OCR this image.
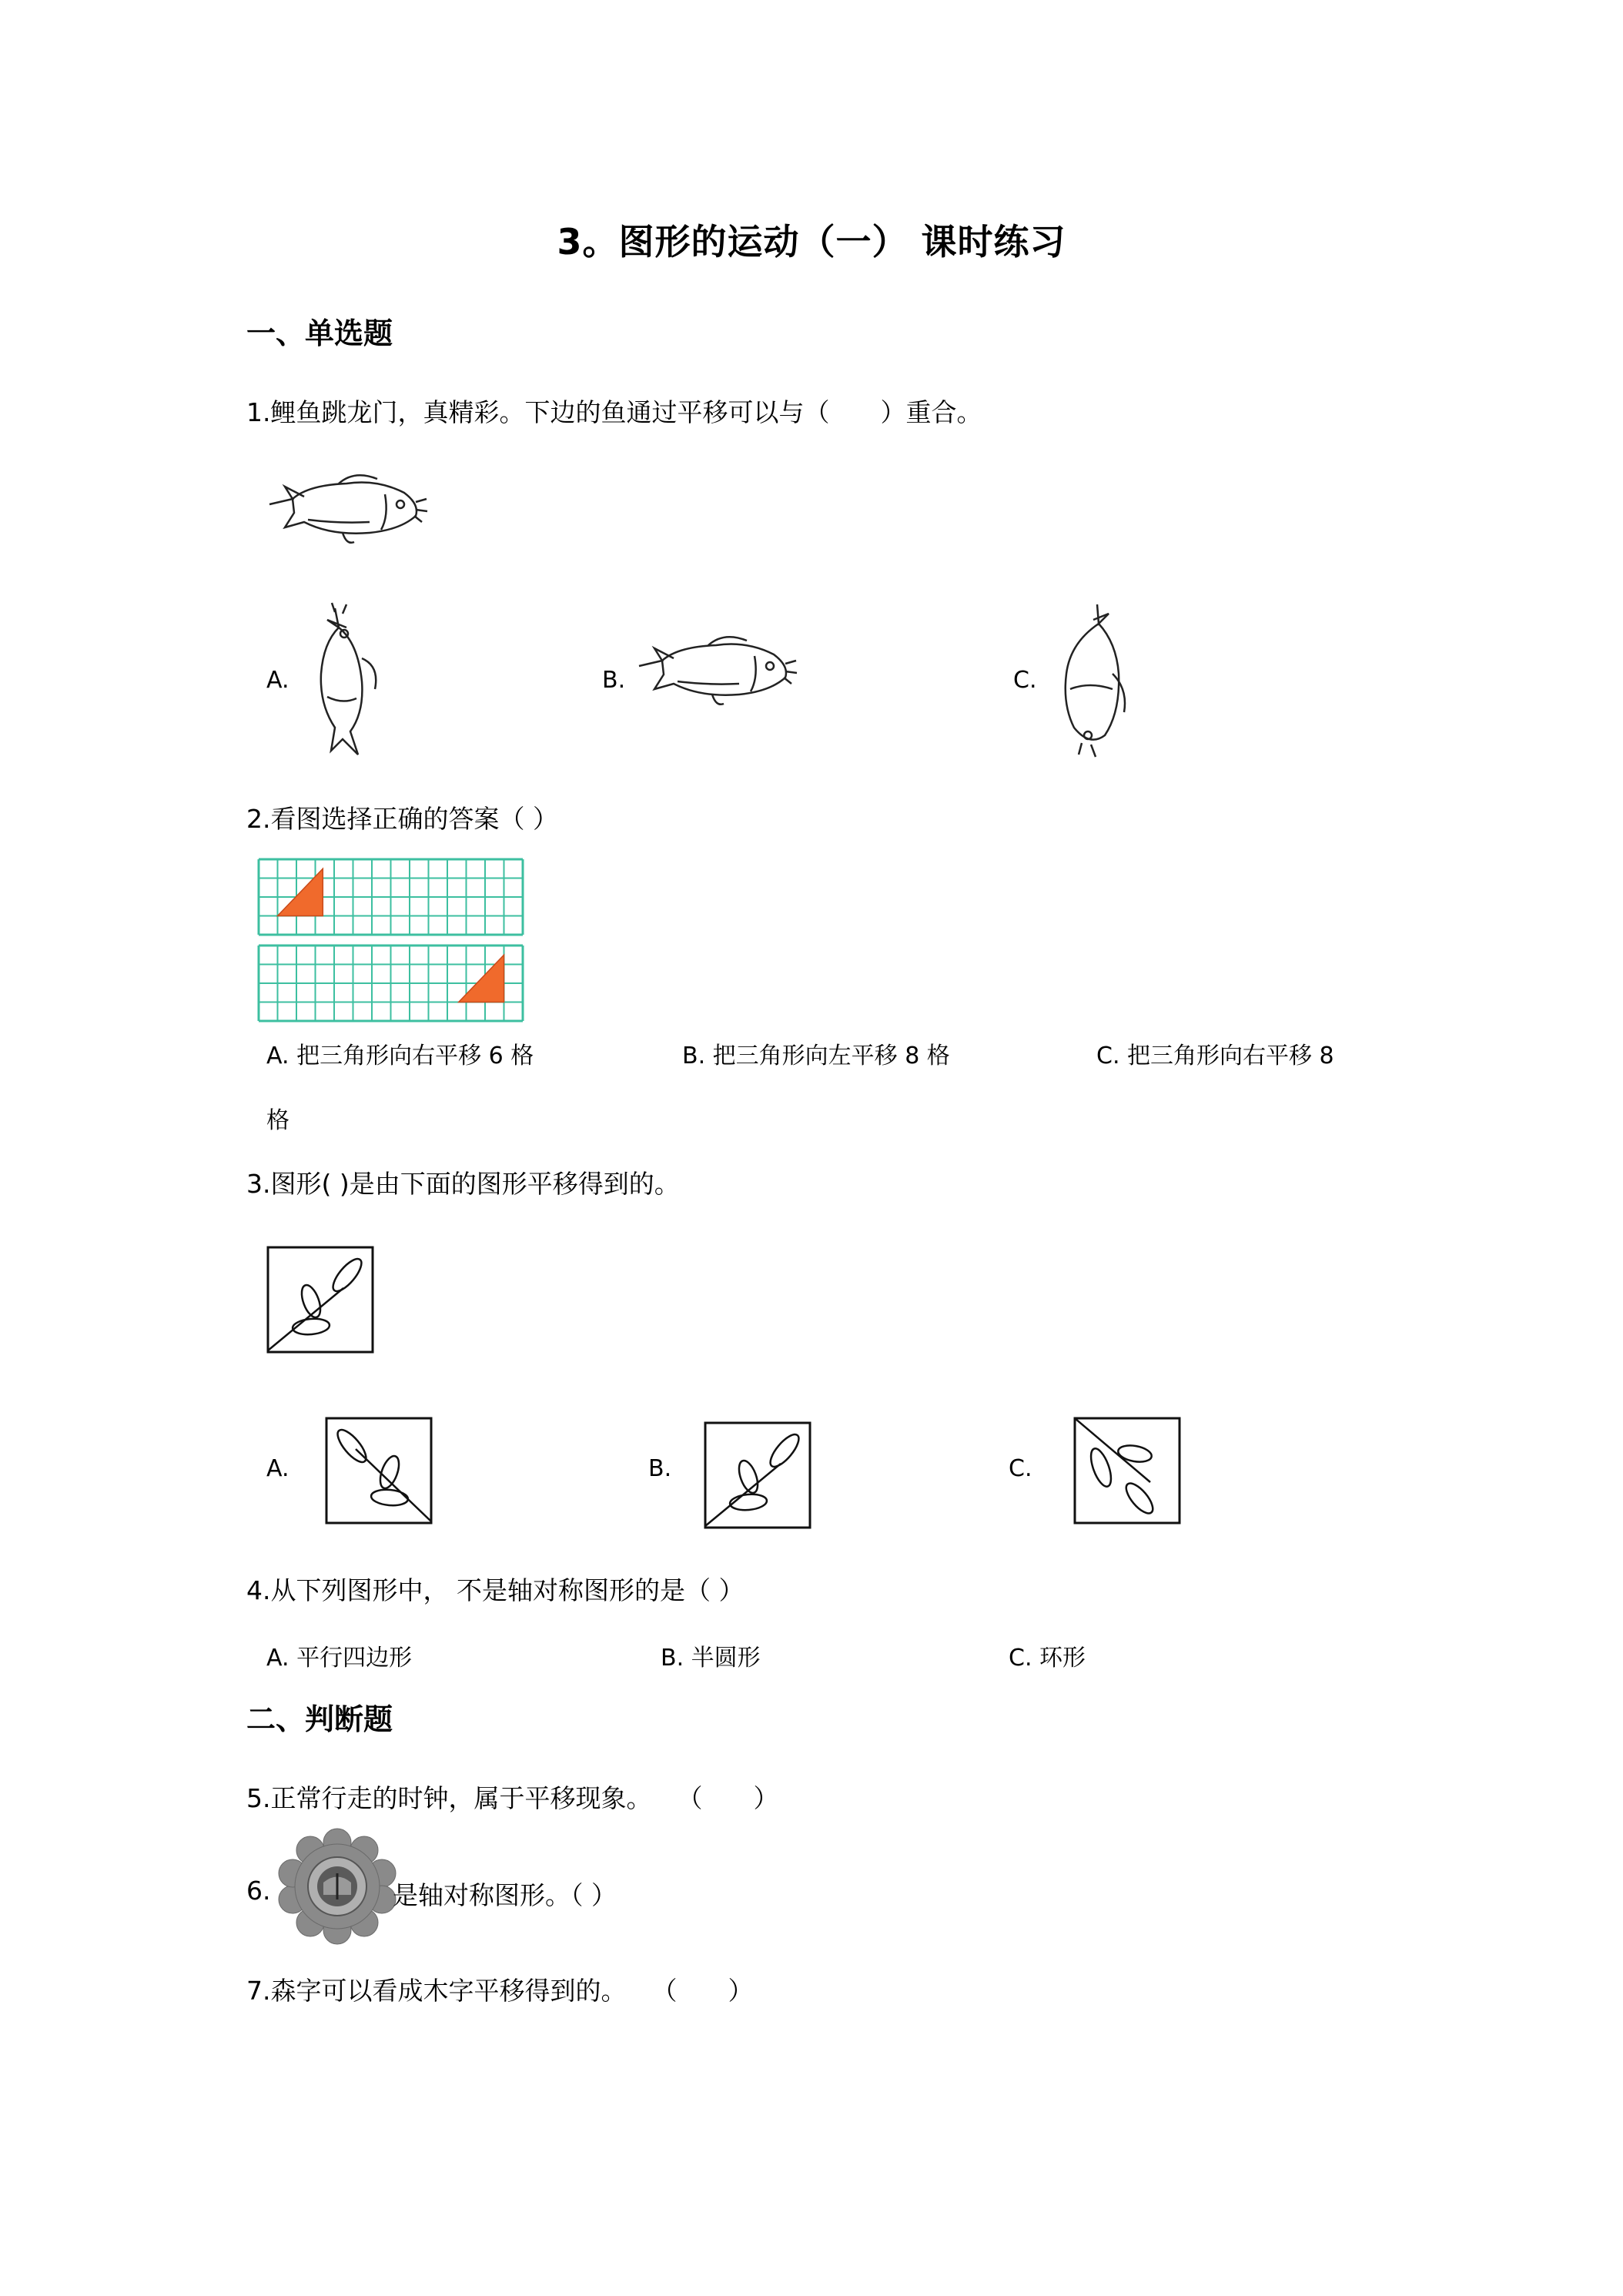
3。图形的运动（一） 课时练习
一、单选题
1.鲤鱼跳龙门，真精彩。下边的鱼通过平移可以与（　　）重合。
A.	B.	C.
2.看图选择正确的答案（ ）
A. 把三角形向右平移 6 格	B. 把三角形向左平移 8 格	C. 把三角形向右平移 8
格
3.图形( )是由下面的图形平移得到的。
A.	B.	C.
4.从下列图形中， 不是轴对称图形的是（ ）
A. 平行四边形	B. 半圆形	C. 环形
二、判断题
5.正常行走的时钟，属于平移现象。　　（　　）
6.	是轴对称图形。（ ）
7.森字可以看成木字平移得到的。　　（　　）
